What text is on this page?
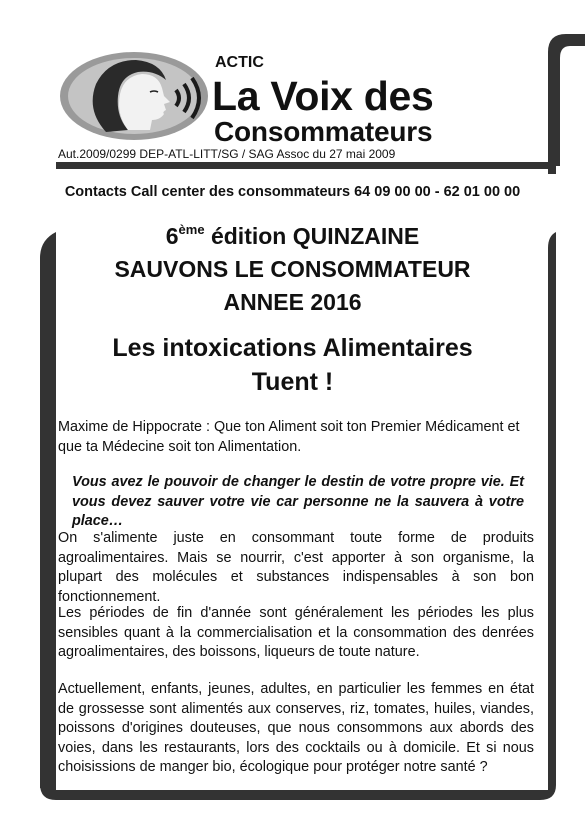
ACTIC
La Voix des
Consommateurs
Aut.2009/0299 DEP-ATL-LITT/SG / SAG Assoc du 27 mai 2009
Contacts Call center des consommateurs 64 09 00 00 - 62 01 00 00
6ème édition QUINZAINE
SAUVONS LE CONSOMMATEUR
ANNEE 2016
Les intoxications Alimentaires
Tuent !
Maxime de Hippocrate : Que ton Aliment soit ton Premier Médicament et que ta Médecine soit ton Alimentation.
Vous avez le pouvoir de changer le destin de votre propre vie. Et vous devez sauver votre vie car personne ne la sauvera à votre place…
On s'alimente juste en consommant toute forme de produits agroalimentaires. Mais se nourrir, c'est apporter à son organisme, la plupart des molécules et substances indispensables à son bon fonctionnement.
Les périodes de fin d'année sont généralement les périodes les plus sensibles quant à la commercialisation et la consommation des denrées agroalimentaires, des boissons, liqueurs de toute nature.
Actuellement, enfants, jeunes, adultes, en particulier les femmes en état de grossesse sont alimentés aux conserves, riz, tomates, huiles, viandes, poissons d'origines douteuses, que nous consommons aux abords des voies, dans les restaurants, lors des cocktails ou à domicile. Et si nous choisissions de manger bio, écologique pour protéger notre santé ?
